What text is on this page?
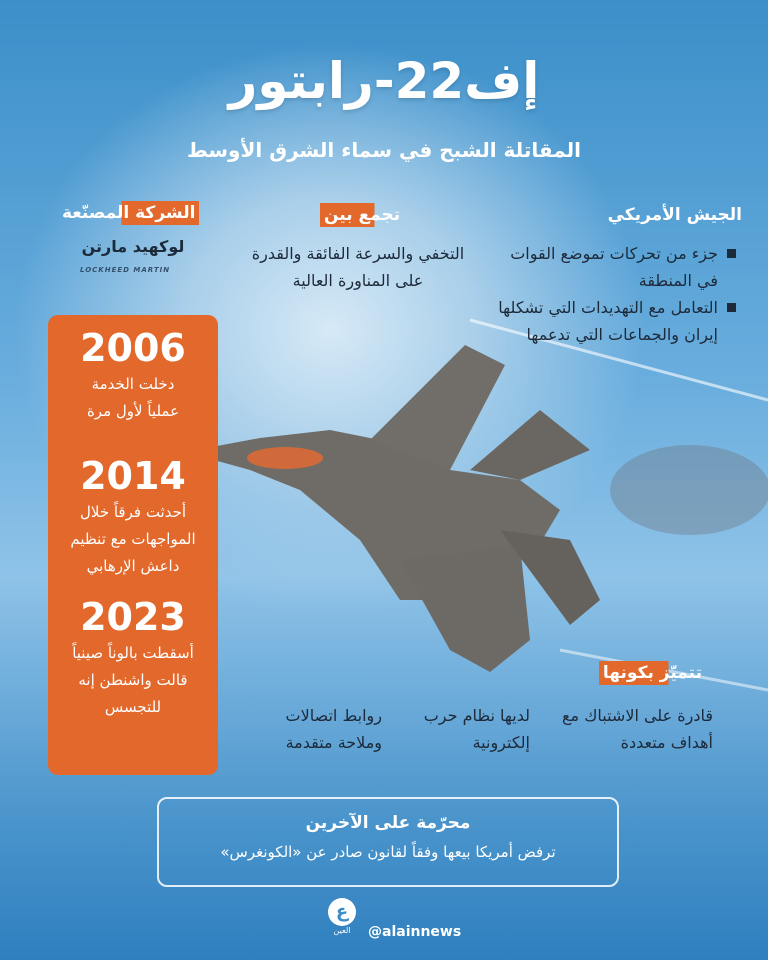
إف22-رابتور
المقاتلة الشبح في سماء الشرق الأوسط
الجيش الأمريكي
جزء من تحركات تموضع القوات في المنطقة
التعامل مع التهديدات التي تشكلها إيران والجماعات التي تدعمها
تجمع بين
التخفي والسرعة الفائقة والقدرة على المناورة العالية
الشركة المصنّعة
لوكهيد مارتن
LOCKHEED MARTIN
2006
دخلت الخدمة عملياً لأول مرة
2014
أحدثت فرقاً خلال المواجهات مع تنظيم داعش الإرهابي
2023
أسقطت بالوناً صينياً قالت واشنطن إنه للتجسس
تتميّز بكونها
قادرة على الاشتباك مع أهداف متعددة
لديها نظام حرب إلكترونية
روابط اتصالات وملاحة متقدمة
محرّمة على الآخرين
ترفض أمريكا بيعها وفقاً لقانون صادر عن «الكونغرس»
ع
العين	@alainnews
